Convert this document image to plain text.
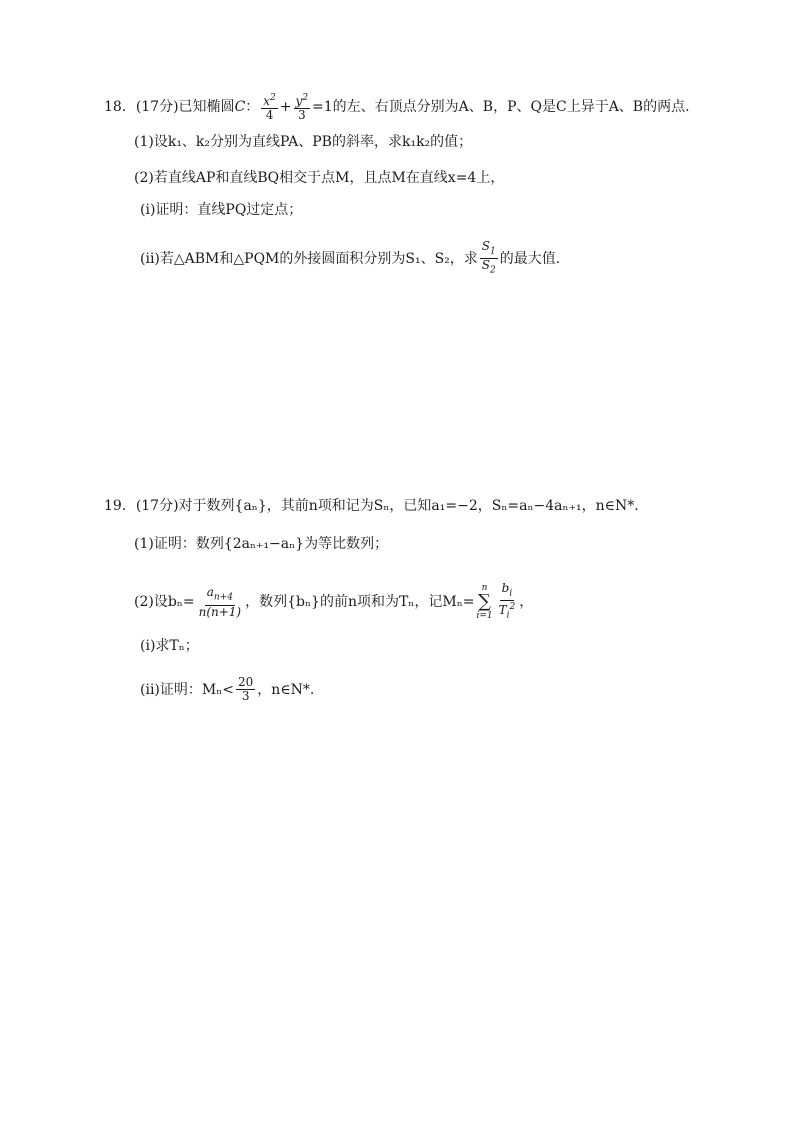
18．(17分)已知椭圆 C ： $\frac{x^2}{4} + \frac{y^2}{3} =1$的左、右顶点分别为A、B，P、Q是C上异于A、B的两点.
(1)设k₁、k₂分别为直线PA、PB的斜率，求k₁k₂的值；
(2)若直线AP和直线BQ相交于点M，且点M在直线x=4上，
(i)证明：直线PQ过定点；
(ii)若△ABM和△PQM的外接圆面积分别为S₁、S₂，求 $\frac{S_1}{S_2}$ 的最大值.
19．(17分)对于数列{aₙ}，其前n项和记为Sₙ，已知a₁=−2，Sₙ=aₙ−4aₙ₊₁，n∈N*.
(1)证明：数列{2aₙ₊₁−aₙ}为等比数列；
(2)设$b_n= \frac{a_{n+4}}{n(n+1)}$ ，数列{bₙ}的前n项和为Tₙ，记Mₙ=
n
∑
$i=1 \frac{b_i}{T_i^2}$ ，
(i)求Tₙ；
(ii)证明：$M_n< \frac{20}{3}$ ，n∈N*.
